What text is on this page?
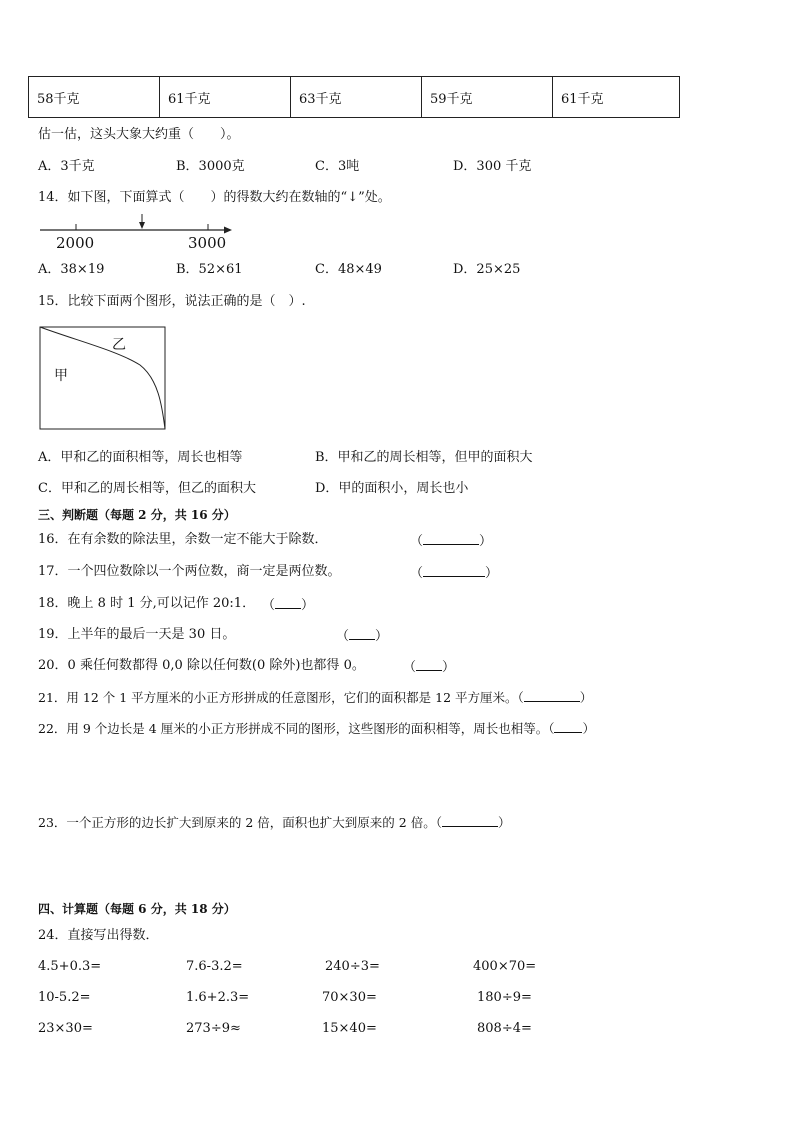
58千克	61千克	63千克	59千克	61千克
估一估，这头大象大约重（　　）。
A．3千克	B．3000克	C．3吨	D．300 千克
14．如下图，下面算式（　　）的得数大约在数轴的“↓”处。
2000	3000
A．38×19	B．52×61	C．48×49	D．25×25
15．比较下面两个图形，说法正确的是（　）.
乙
甲
A．甲和乙的面积相等，周长也相等	B．甲和乙的周长相等，但甲的面积大
C．甲和乙的周长相等，但乙的面积大	D．甲的面积小，周长也小
三、判断题（每题 2 分，共 16 分）
16．在有余数的除法里，余数一定不能大于除数．	（	）
17．一个四位数除以一个两位数，商一定是两位数。	（	）
18．晚上 8 时 1 分,可以记作 20:1． （ ）
19．上半年的最后一天是 30 日。	（ ）
20．0 乘任何数都得 0,0 除以任何数(0 除外)也都得 0。	（ ）
21．用 12 个 1 平方厘米的小正方形拼成的任意图形，它们的面积都是 12 平方厘米。（	）
22．用 9 个边长是 4 厘米的小正方形拼成不同的图形，这些图形的面积相等，周长也相等。（ ）
23．一个正方形的边长扩大到原来的 2 倍，面积也扩大到原来的 2 倍。（	）
四、计算题（每题 6 分，共 18 分）
24．直接写出得数．
4.5+0.3=	7.6-3.2=	240÷3=	400×70=
10-5.2=	1.6+2.3=	70×30=	180÷9=
23×30=	273÷9≈	15×40=	808÷4=
